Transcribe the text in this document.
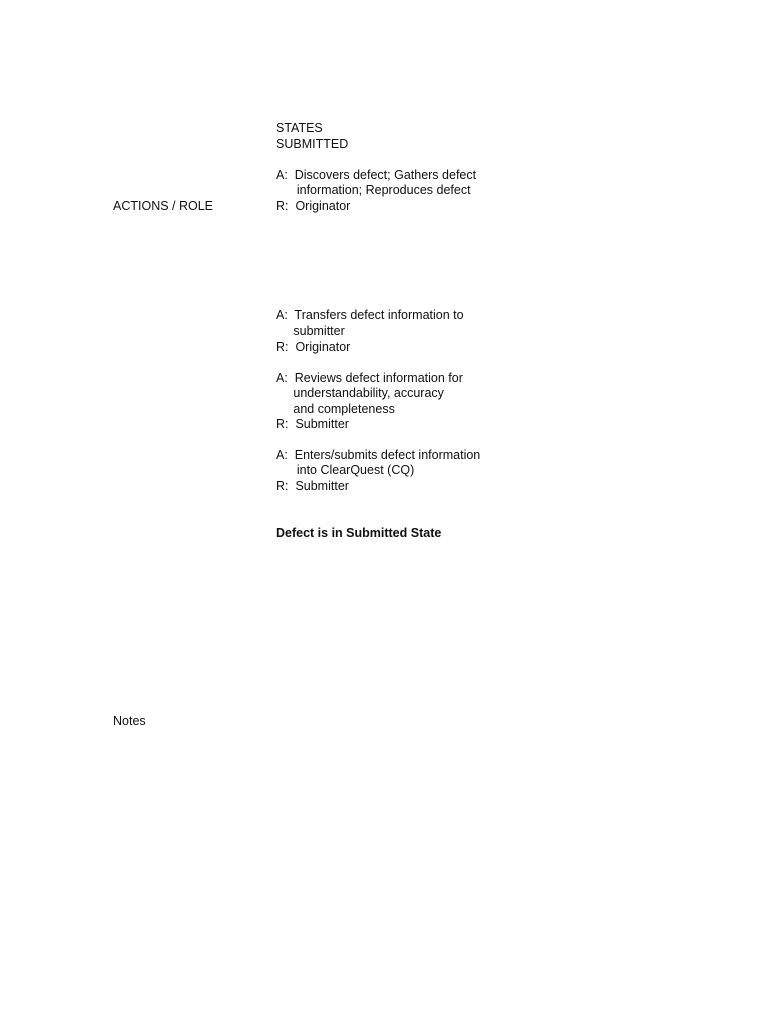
ACTIONS / ROLE
Notes
STATES
SUBMITTED
A:  Discovers defect; Gathers defect
information; Reproduces defect
R:  Originator
A:  Transfers defect information to
submitter
R:  Originator
A:  Reviews defect information for
understandability, accuracy
and completeness
R:  Submitter
A:  Enters/submits defect information
into ClearQuest (CQ)
R:  Submitter
Defect is in Submitted State
